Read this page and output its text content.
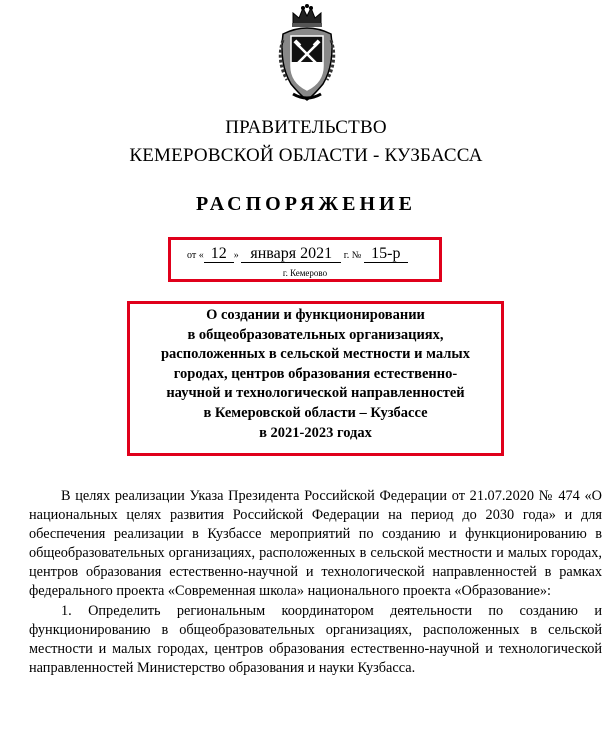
ПРАВИТЕЛЬСТВО
КЕМЕРОВСКОЙ ОБЛАСТИ - КУЗБАССА
РАСПОРЯЖЕНИЕ
от « 12 » января 2021 г. № 15-р
г. Кемерово
О создании и функционировании
в общеобразовательных организациях,
расположенных в сельской местности и малых
городах, центров образования естественно-
научной и технологической направленностей
в Кемеровской области – Кузбассе
в 2021-2023 годах

В целях реализации Указа Президента Российской Федерации от 21.07.2020 № 474 «О национальных целях развития Российской Федерации на период до 2030 года» и для обеспечения реализации в Кузбассе мероприятий по созданию и функционированию в общеобразовательных организациях, расположенных в сельской местности и малых городах, центров образования естественно-научной и технологической направленностей в рамках федерального проекта «Современная школа» национального проекта «Образование»:

1. Определить региональным координатором деятельности по созданию и функционированию в общеобразовательных организациях, расположенных в сельской местности и малых городах, центров образования естественно-научной и технологической направленностей Министерство образования и науки Кузбасса.
